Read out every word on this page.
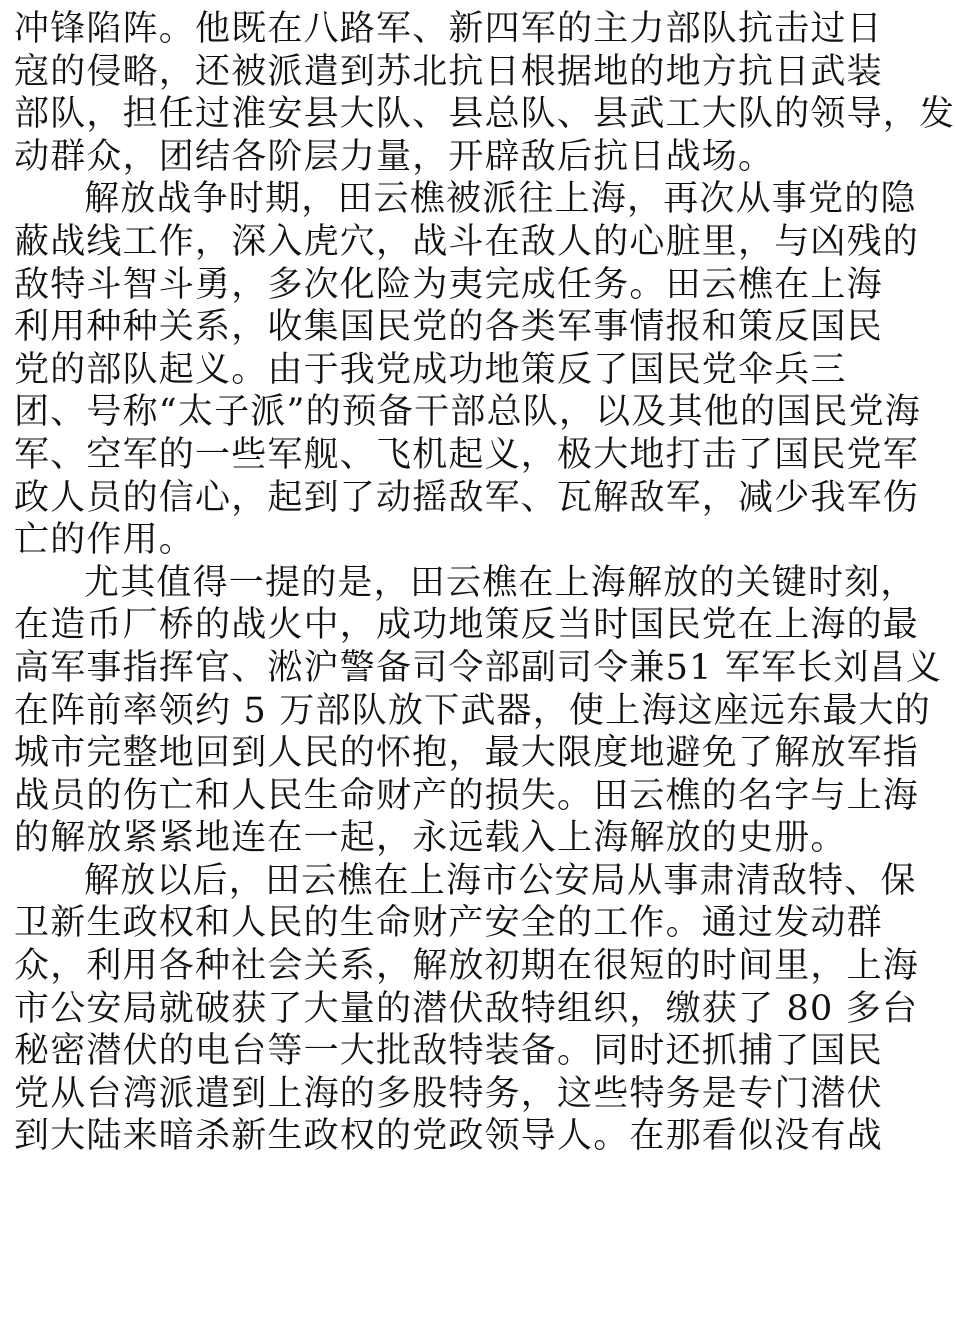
冲锋陷阵。他既在八路军、新四军的主力部队抗击过日
寇的侵略，还被派遣到苏北抗日根据地的地方抗日武装
部队，担任过淮安县大队、县总队、县武工大队的领导，发
动群众，团结各阶层力量，开辟敌后抗日战场。
解放战争时期，田云樵被派往上海，再次从事党的隐
蔽战线工作，深入虎穴，战斗在敌人的心脏里，与凶残的
敌特斗智斗勇，多次化险为夷完成任务。田云樵在上海
利用种种关系，收集国民党的各类军事情报和策反国民
党的部队起义。由于我党成功地策反了国民党伞兵三
团、号称“太子派”的预备干部总队，以及其他的国民党海
军、空军的一些军舰、飞机起义，极大地打击了国民党军
政人员的信心，起到了动摇敌军、瓦解敌军，减少我军伤
亡的作用。
尤其值得一提的是，田云樵在上海解放的关键时刻，
在造币厂桥的战火中，成功地策反当时国民党在上海的最
高军事指挥官、淞沪警备司令部副司令兼51 军军长刘昌义
在阵前率领约 5 万部队放下武器，使上海这座远东最大的
城市完整地回到人民的怀抱，最大限度地避免了解放军指
战员的伤亡和人民生命财产的损失。田云樵的名字与上海
的解放紧紧地连在一起，永远载入上海解放的史册。
解放以后，田云樵在上海市公安局从事肃清敌特、保
卫新生政权和人民的生命财产安全的工作。通过发动群
众，利用各种社会关系，解放初期在很短的时间里，上海
市公安局就破获了大量的潜伏敌特组织，缴获了 80 多台
秘密潜伏的电台等一大批敌特装备。同时还抓捕了国民
党从台湾派遣到上海的多股特务，这些特务是专门潜伏
到大陆来暗杀新生政权的党政领导人。在那看似没有战
